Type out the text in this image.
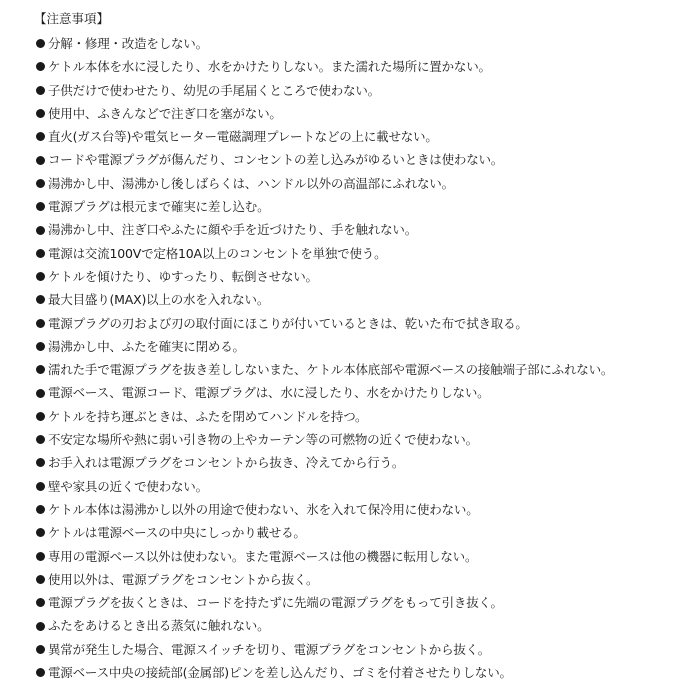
【注意事項】
分解・修理・改造をしない。
ケトル本体を水に浸したり、水をかけたりしない。また濡れた場所に置かない。
子供だけで使わせたり、幼児の手尾届くところで使わない。
使用中、ふきんなどで注ぎ口を塞がない。
直火(ガス台等)や電気ヒーター電磁調理プレートなどの上に載せない。
コードや電源プラグが傷んだり、コンセントの差し込みがゆるいときは使わない。
湯沸かし中、湯沸かし後しばらくは、ハンドル以外の高温部にふれない。
電源プラグは根元まで確実に差し込む。
湯沸かし中、注ぎ口やふたに顔や手を近づけたり、手を触れない。
電源は交流100Vで定格10A以上のコンセントを単独で使う。
ケトルを傾けたり、ゆすったり、転倒させない。
最大目盛り(MAX)以上の水を入れない。
電源プラグの刃および刃の取付面にほこりが付いているときは、乾いた布で拭き取る。
湯沸かし中、ふたを確実に閉める。
濡れた手で電源プラグを抜き差ししないまた、ケトル本体底部や電源ベースの接触端子部にふれない。
電源ベース、電源コード、電源プラグは、水に浸したり、水をかけたりしない。
ケトルを持ち運ぶときは、ふたを閉めてハンドルを持つ。
不安定な場所や熱に弱い引き物の上やカーテン等の可燃物の近くで使わない。
お手入れは電源プラグをコンセントから抜き、冷えてから行う。
壁や家具の近くで使わない。
ケトル本体は湯沸かし以外の用途で使わない、氷を入れて保冷用に使わない。
ケトルは電源ベースの中央にしっかり載せる。
専用の電源ベース以外は使わない。また電源ベースは他の機器に転用しない。
使用以外は、電源プラグをコンセントから抜く。
電源プラグを抜くときは、コードを持たずに先端の電源プラグをもって引き抜く。
ふたをあけるとき出る蒸気に触れない。
異常が発生した場合、電源スイッチを切り、電源プラグをコンセントから抜く。
電源ベース中央の接続部(金属部)ピンを差し込んだり、ゴミを付着させたりしない。
